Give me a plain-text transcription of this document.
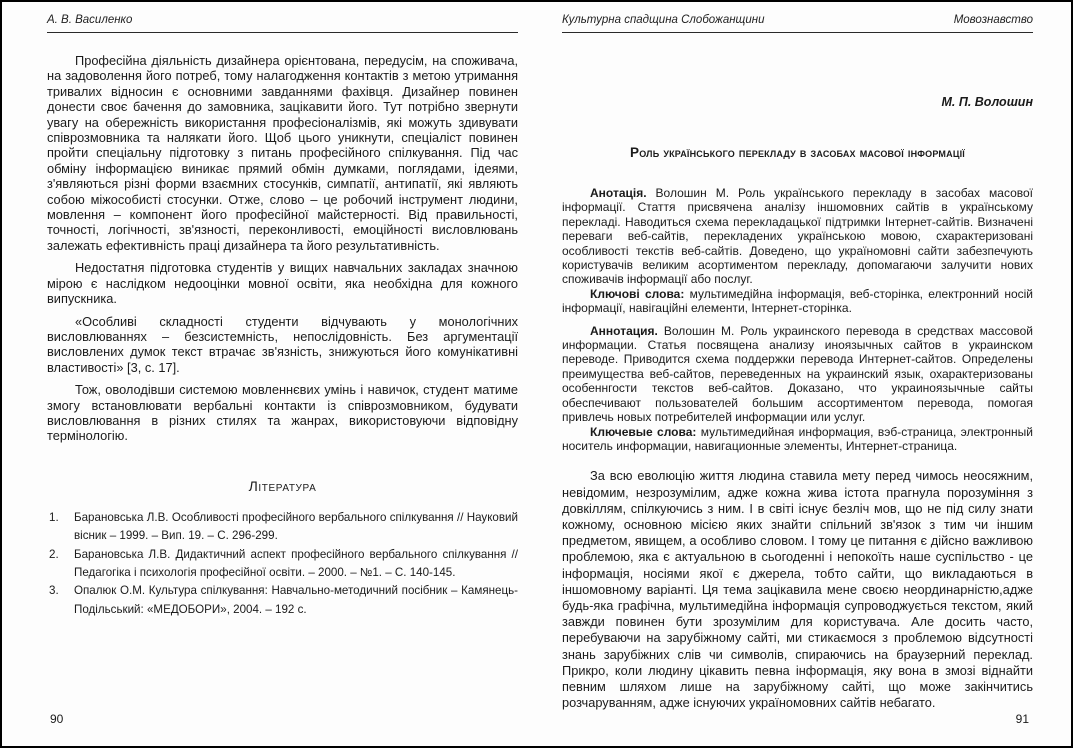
А. В. Василенко

Професійна діяльність дизайнера орієнтована, передусім, на споживача, на задоволення його потреб, тому налагодження контактів з метою утримання тривалих відносин є основними завданнями фахівця. Дизайнер повинен донести своє бачення до замовника, зацікавити його. Тут потрібно звернути увагу на обережність використання професіоналізмів, які можуть здивувати співрозмовника та налякати його. Щоб цього уникнути, спеціаліст повинен пройти спеціальну підготовку з питань професійного спілкування. Під час обміну інформацією виникає прямий обмін думками, поглядами, ідеями, з'являються різні форми взаємних стосунків, симпатії, антипатії, які являють собою міжособисті стосунки. Отже, слово – це робочий інструмент людини, мовлення – компонент його професійної майстерності. Від правильності, точності, логічності, зв'язності, переконливості, емоційності висловлювань залежать ефективність праці дизайнера та його результативність.

Недостатня підготовка студентів у вищих навчальних закладах значною мірою є наслідком недооцінки мовної освіти, яка необхідна для кожного випускника.

«Особливі складності студенти відчувають у монологічних висловлюваннях – безсистемність, непослідовність. Без аргументації висловлених думок текст втрачає зв'язність, знижуються його комунікативні властивості» [3, с. 17].

Тож, оволодівши системою мовленнєвих умінь і навичок, студент матиме змогу встановлювати вербальні контакти із співрозмовником, будувати висловлювання в різних стилях та жанрах, використовуючи відповідну термінологію.

Література
1. Барановська Л.В. Особливості професійного вербального спілкування // Науковий вісник – 1999. – Вип. 19. – С. 296-299.
2. Барановська Л.В. Дидактичний аспект професійного вербального спілкування // Педагогіка і психологія професійної освіти. – 2000. – №1. – С. 140-145.
3. Опалюк О.М. Культура спілкування: Навчально-методичний посібник – Камянець-Подільський: «МЕДОБОРИ», 2004. – 192 с.
Культурна спадщина Слобожанщини	Мовознавство
М. П. Волошин
Роль українського перекладу в засобах масової інформації

Анотація. Волошин М. Роль українського перекладу в засобах масової інформації. Стаття присвячена аналізу іншомовних сайтів в українському перекладі. Наводиться схема перекладацької підтримки Інтернет-сайтів. Визначені переваги веб-сайтів, перекладених українською мовою, схарактеризовані особливості текстів веб-сайтів. Доведено, що україномовні сайти забезпечують користувачів великим асортиментом перекладу, допомагаючи залучити нових споживачів інформації або послуг.

Ключові слова: мультимедійна інформація, веб-сторінка, електронний носій інформації, навігаційні елементи, Інтернет-сторінка.

Аннотация. Волошин М. Роль украинского перевода в средствах массовой информации. Статья посвящена анализу иноязычных сайтов в украинском переводе. Приводится схема поддержки перевода Интернет-сайтов. Определены преимущества веб-сайтов, переведенных на украинский язык, охарактеризованы особеннгости текстов веб-сайтов. Доказано, что украиноязычные сайты обеспечивают пользователей большим ассортиментом перевода, помогая привлечь новых потребителей информации или услуг.

Ключевые слова: мультимедийная информация, вэб-страница, электронный носитель информации, навигационные элементы, Интернет-страница.

За всю еволюцію життя людина ставила мету перед чимось неосяжним, невідомим, незрозумілим, адже кожна жива істота прагнула порозуміння з довкіллям, спілкуючись з ним. І в світі існує безліч мов, що не під силу знати кожному, основною місією яких знайти спільний зв'язок з тим чи іншим предметом, явищем, а особливо словом. І тому це питання є дійсно важливою проблемою, яка є актуальною в сьогоденні і непокоїть наше суспільство - це інформація, носіями якої є джерела, тобто сайти, що викладаються в іншомовному варіанті. Ця тема зацікавила мене своєю неординарністю,адже будь-яка графічна, мультимедійна інформація супроводжується текстом, який завжди повинен бути зрозумілим для користувача. Але досить часто, перебуваючи на зарубіжному сайті, ми стикаємося з проблемою відсутності знань зарубіжних слів чи символів, спираючись на браузерний переклад. Прикро, коли людину цікавить певна інформація, яку вона в змозі віднайти певним шляхом лише на зарубіжному сайті, що може закінчитись розчаруванням, адже існуючих україномовних сайтів небагато.

90	91
